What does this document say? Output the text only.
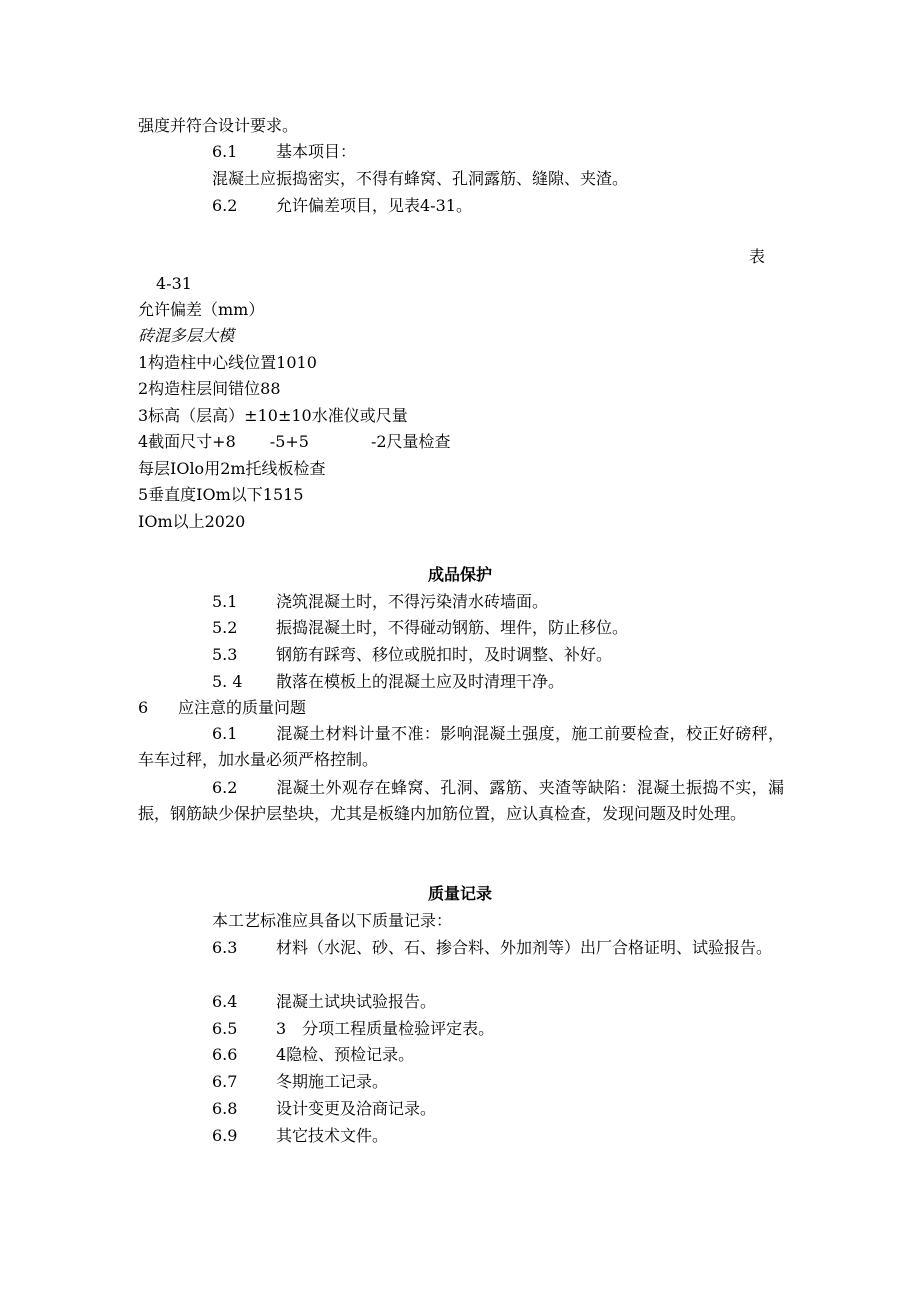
强度并符合设计要求。
6.1 基本项目：
混凝土应振捣密实，不得有蜂窝、孔洞露筋、缝隙、夹渣。
6.2 允许偏差项目，见表4-31。
表
4-31
允许偏差（mm）
砖混多层大模
1构造柱中心线位置1010
2构造柱层间错位88
3标高（层高）±10±10水准仪或尺量
4截面尺寸+8 -5+5	-2尺量检查
每层IOlo用2m托线板检查
5垂直度IOm以下1515
IOm以上2020
成品保护
5.1 浇筑混凝土时，不得污染清水砖墙面。
5.2 振捣混凝土时，不得碰动钢筋、埋件，防止移位。
5.3 钢筋有踩弯、移位或脱扣时，及时调整、补好。
5. 4 散落在模板上的混凝土应及时清理干净。
6 应注意的质量问题
6.1 混凝土材料计量不准：影响混凝土强度，施工前要检查，校正好磅秤，车车过秤，加水量必须严格控制。
6.2 混凝土外观存在蜂窝、孔洞、露筋、夹渣等缺陷：混凝土振捣不实，漏振，钢筋缺少保护层垫块，尤其是板缝内加筋位置，应认真检查，发现问题及时处理。
质量记录
本工艺标准应具备以下质量记录：
6.3 材料（水泥、砂、石、掺合料、外加剂等）出厂合格证明、试验报告。
6.4 混凝土试块试验报告。
6.5 3　分项工程质量检验评定表。
6.6 4隐检、预检记录。
6.7 冬期施工记录。
6.8 设计变更及洽商记录。
6.9 其它技术文件。
